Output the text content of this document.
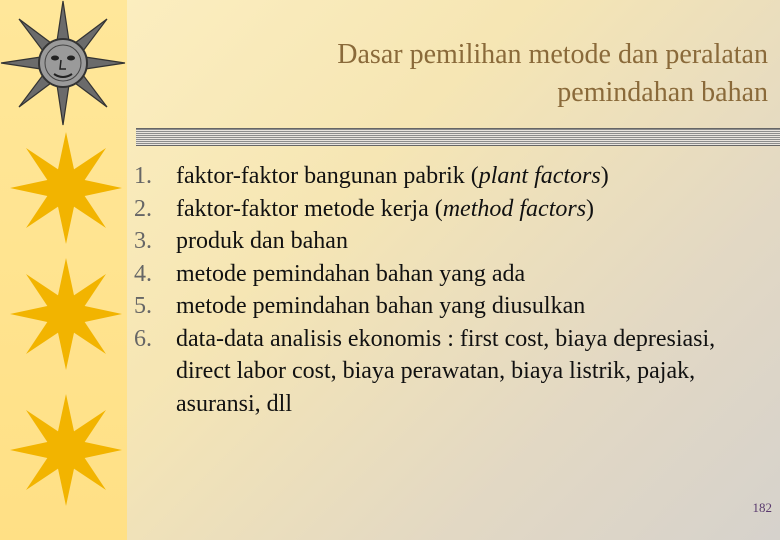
Dasar pemilihan metode dan peralatan
pemindahan bahan
1.	faktor-faktor bangunan pabrik (plant factors)
2.	faktor-faktor metode kerja (method factors)
3.	produk dan bahan
4.	metode pemindahan bahan yang ada
5.	metode pemindahan bahan yang diusulkan
6.	data-data analisis ekonomis : first cost, biaya depresiasi, direct labor cost, biaya perawatan, biaya listrik, pajak, asuransi, dll
182
